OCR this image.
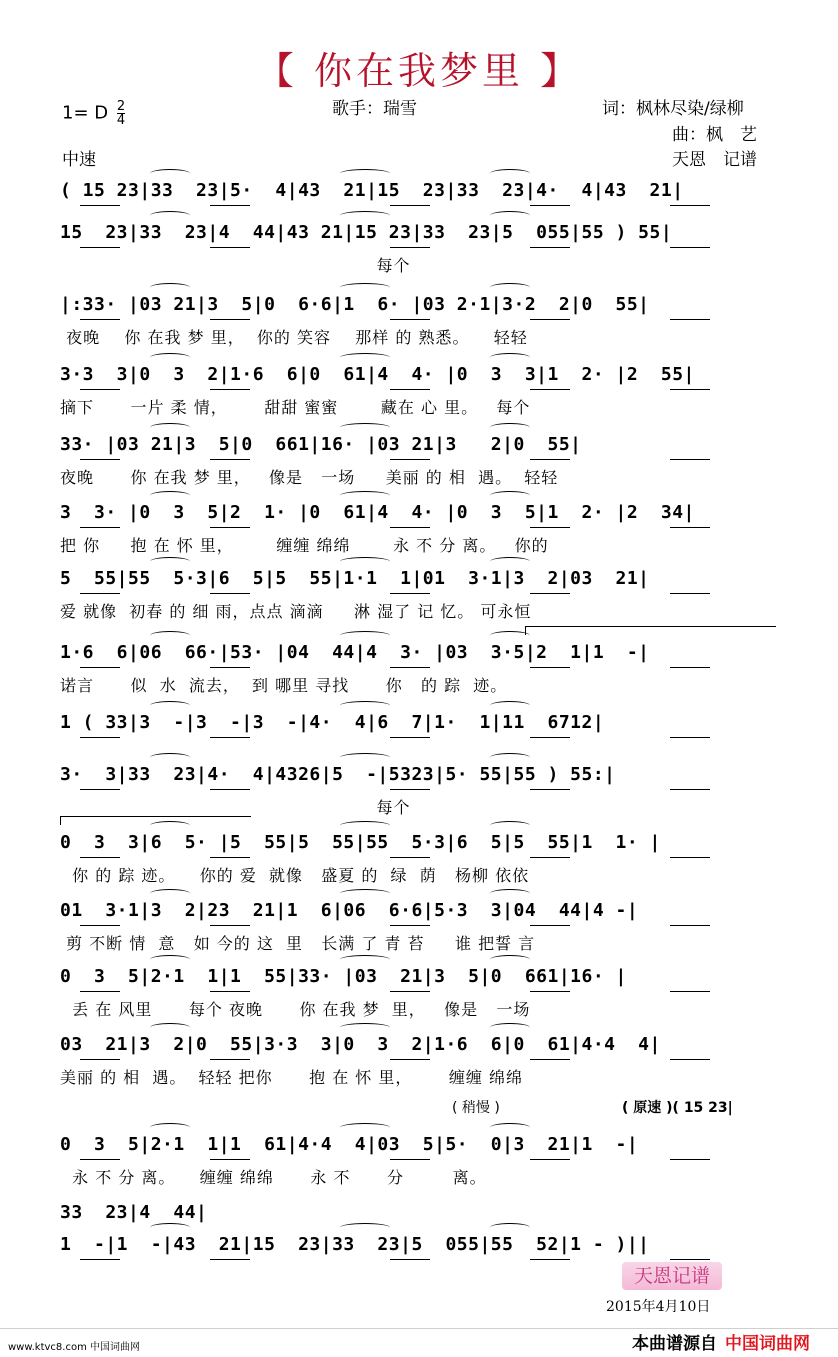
【 你在我梦里 】
1= D $\frac{2}{4}$
中速
歌手：瑞雪	词：枫林尽染/绿柳
曲：枫　艺
天恩　记谱
( 15 23|33  23|5·  4|43  21|15  23|33  23|4·  4|43  21|
15  23|33  23|4  44|43 21|15 23|33  23|5  055|55 ) 55|
每个
|:33· |03 21|3  5|0  6·6|1  6· |03 2·1|3·2  2|0  55|
夜晚    你 在我 梦 里，  你的 笑容    那样 的 熟悉。    轻轻
3·3  3|0  3  2|1·6  6|0  61|4  4· |0  3  3|1  2· |2  55|
摘下      一片 柔 情，      甜甜 蜜蜜       藏在 心 里。   每个
33· |03 21|3  5|0  661|16· |03 21|3   2|0  55|
夜晚      你 在我 梦 里，   像是   一场     美丽 的 相  遇。  轻轻
3  3· |0  3  5|2  1· |0  61|4  4· |0  3  5|1  2· |2  34|
把 你     抱 在 怀 里，       缠缠 绵绵       永 不 分 离。   你的
5  55|55  5·3|6  5|5  55|1·1  1|01  3·1|3  2|03  21|
爱 就像  初春 的 细 雨，点点 滴滴     淋 湿了 记 忆。 可永恒
1·6  6|06  66·|53· |04  44|4  3· |03  3·5|2  1|1  -|
诺言      似  水  流去，  到 哪里 寻找      你   的 踪  迹。
1 ( 33|3  -|3  -|3  -|4·  4|6  7|1·  1|11  6712|
3·  3|33  23|4·  4|4326|5  -|5323|5· 55|55 ) 55:|
每个
0  3  3|6  5· |5  55|5  55|55  5·3|6  5|5  55|1  1· |
你 的 踪 迹。    你的 爱  就像   盛夏 的  绿  荫   杨柳 依依
01  3·1|3  2|23  21|1  6|06  6·6|5·3  3|04  44|4 -|
剪 不断 情  意   如 今的 这  里   长满 了 青 苔     谁 把誓 言
0  3  5|2·1  1|1  55|33· |03  21|3  5|0  661|16· |
丢 在 风里      每个 夜晚      你 在我 梦  里，   像是   一场
03  21|3  2|0  55|3·3  3|0  3  2|1·6  6|0  61|4·4  4|
美丽 的 相  遇。  轻轻 把你      抱 在 怀 里，      缠缠 绵绵
0  3  5|2·1  1|1  61|4·4  4|03  5|5·  0|3  21|1  -|
永 不 分 离。    缠缠 绵绵      永 不      分        离。
1  -|1  -|43  21|15  23|33  23|5  055|55  52|1 - )||
33  23|4  44|
( 稍慢 )	( 原速 )( 15 23|
天恩记谱
2015年4月10日
www.ktvc8.com 中国词曲网	本曲谱源自 中国词曲网
